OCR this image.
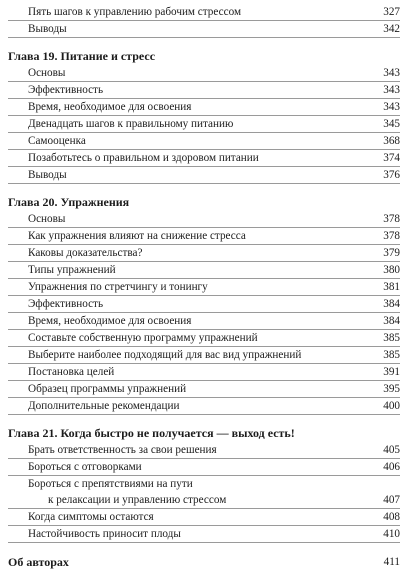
Пять шагов к управлению рабочим стрессом	327
Выводы	342
Глава 19. Питание и стресс
Основы	343
Эффективность	343
Время, необходимое для освоения	343
Двенадцать шагов к правильному питанию	345
Самооценка	368
Позаботьтесь о правильном и здоровом питании	374
Выводы	376
Глава 20. Упражнения
Основы	378
Как упражнения влияют на снижение стресса	378
Каковы доказательства?	379
Типы упражнений	380
Упражнения по стретчингу и тонингу	381
Эффективность	384
Время, необходимое для освоения	384
Составьте собственную программу упражнений	385
Выберите наиболее подходящий для вас вид упражнений	385
Постановка целей	391
Образец программы упражнений	395
Дополнительные рекомендации	400
Глава 21. Когда быстро не получается — выход есть!
Брать ответственность за свои решения	405
Бороться с отговорками	406
Бороться с препятствиями на пути
к релаксации и управлению стрессом	407
Когда симптомы остаются	408
Настойчивость приносит плоды	410
Об авторах	411
